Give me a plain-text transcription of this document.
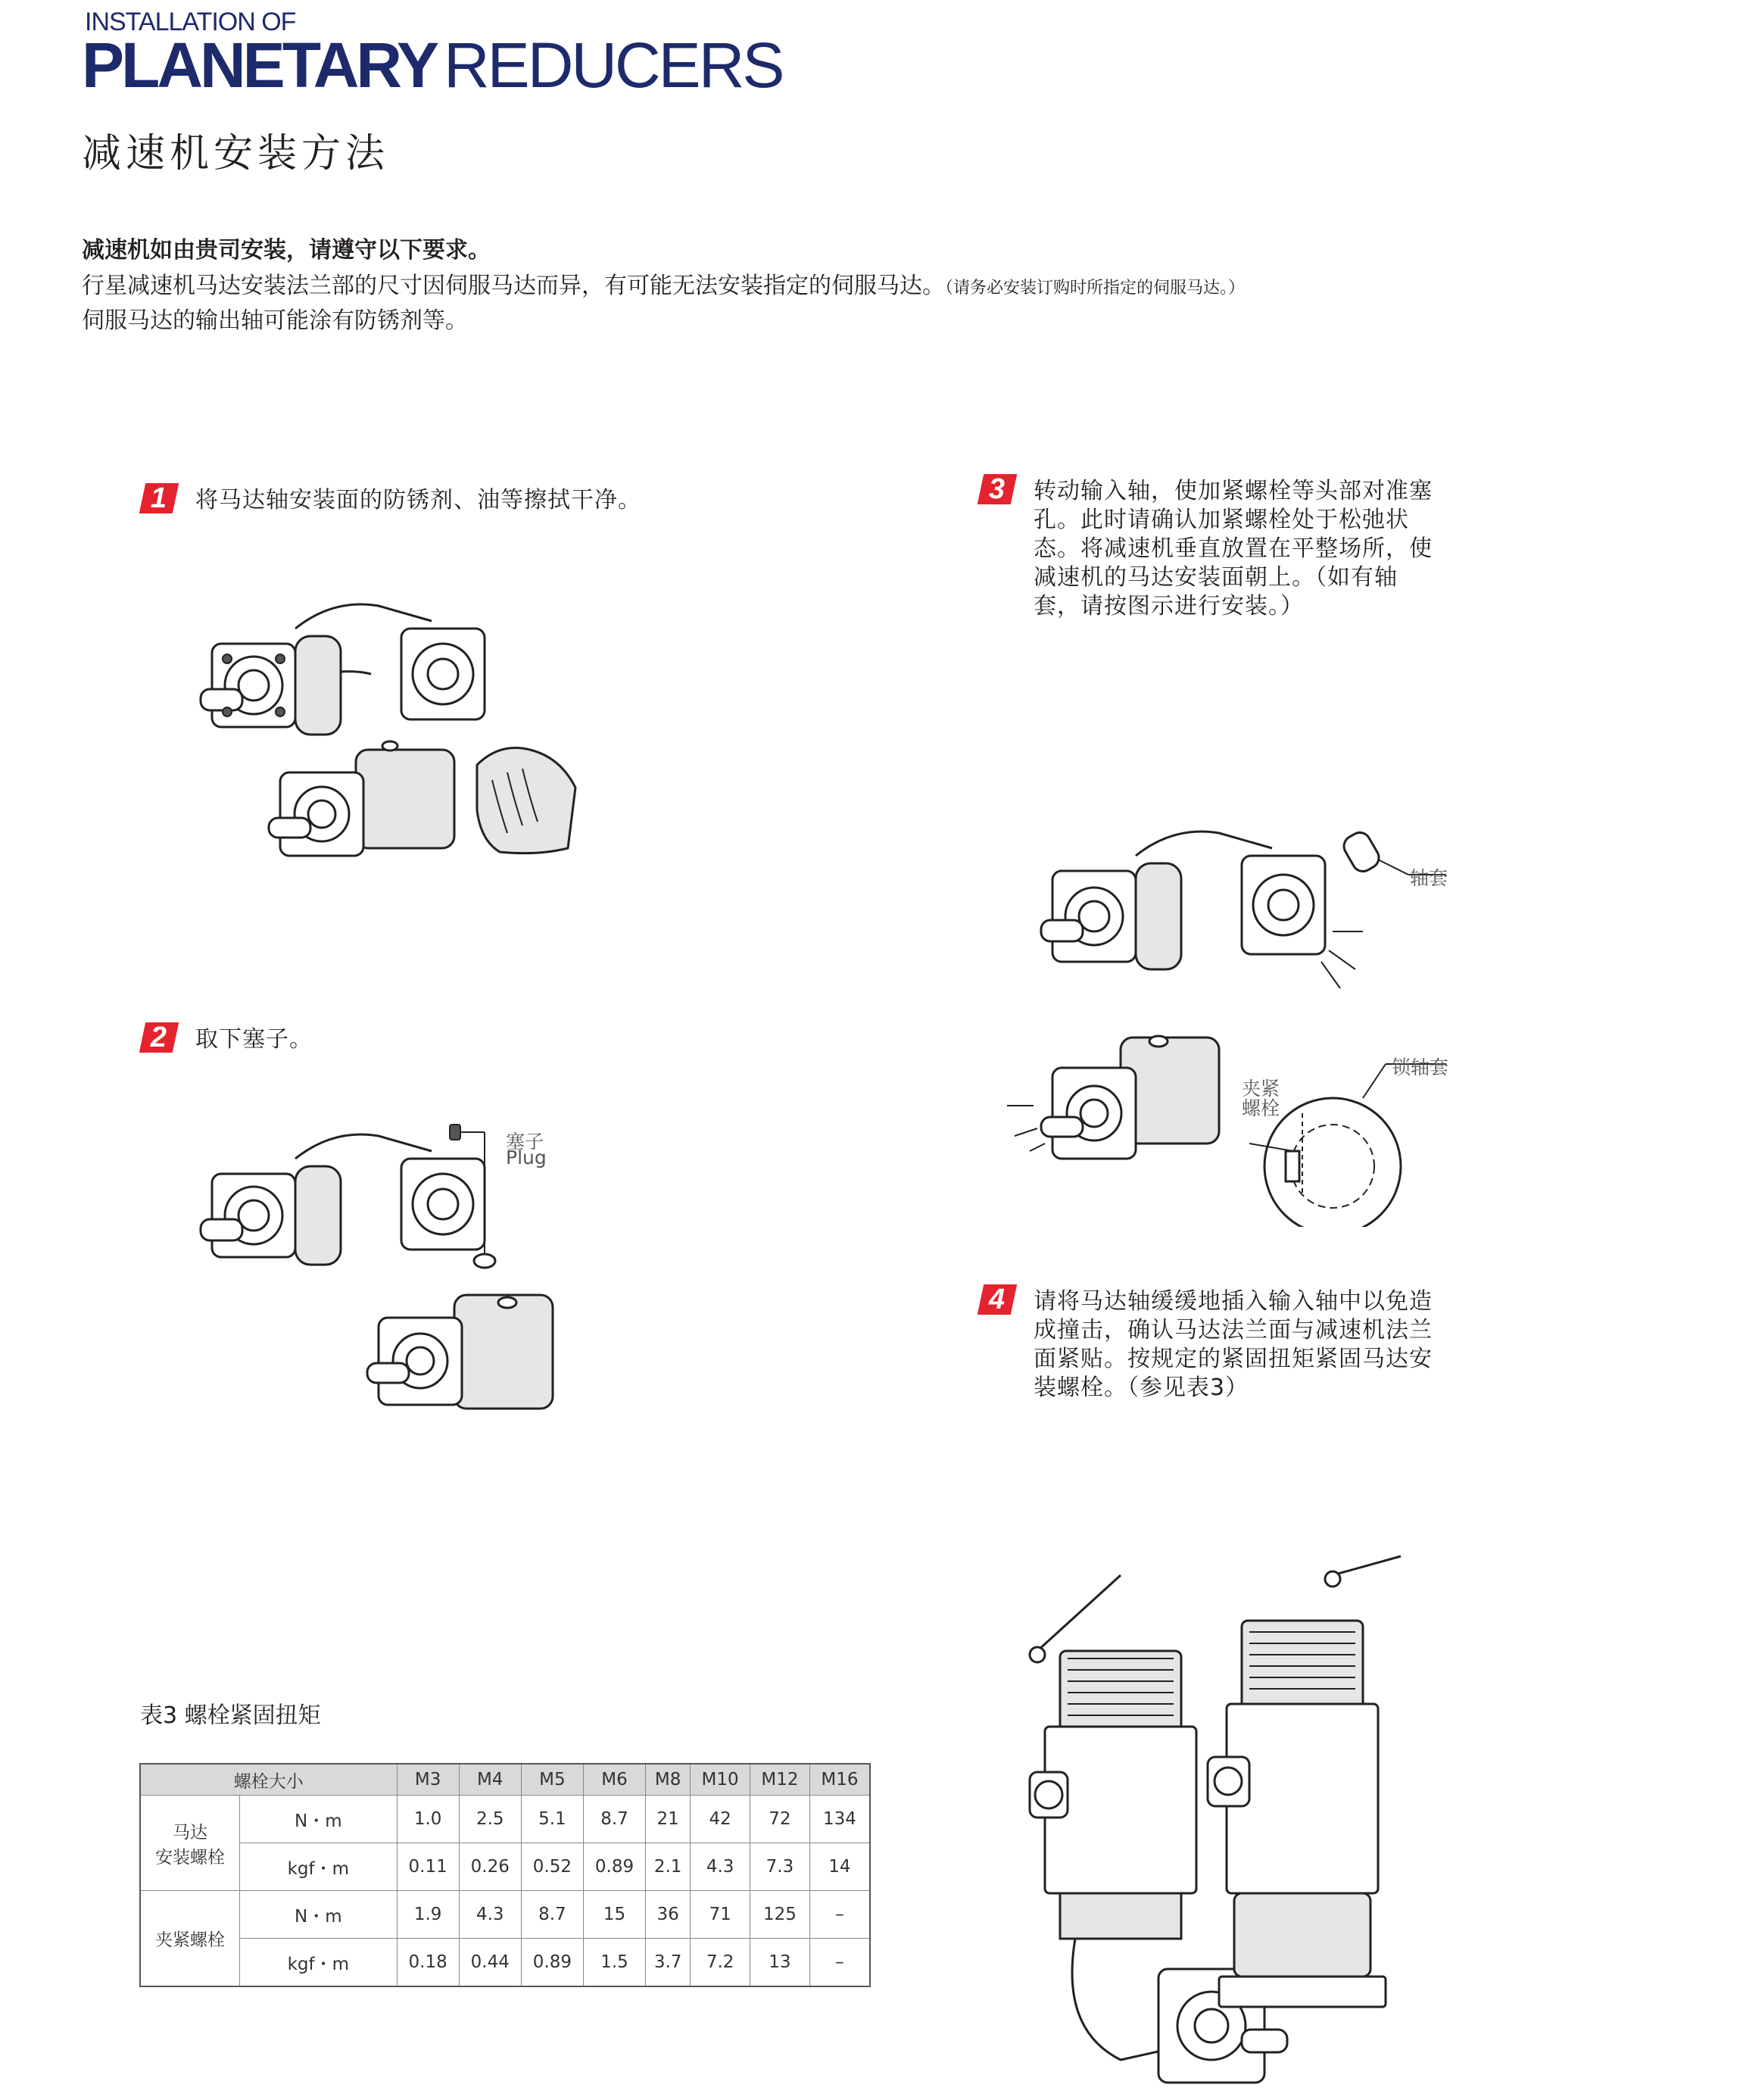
INSTALLATION OF
PLANETARY REDUCERS
减速机安装方法
减速机如由贵司安装，请遵守以下要求。
行星减速机马达安装法兰部的尺寸因伺服马达而异，有可能无法安装指定的伺服马达。（请务必安装订购时所指定的伺服马达。）
伺服马达的输出轴可能涂有防锈剂等。
1 将马达轴安装面的防锈剂、油等擦拭干净。
2 取下塞子。
塞子
Plug
3 转动输入轴，使加紧螺栓等头部对准塞
孔。此时请确认加紧螺栓处于松弛状
态。将减速机垂直放置在平整场所，使
减速机的马达安装面朝上。（如有轴
套，请按图示进行安装。）
轴套
锁轴套
夹紧
螺栓
4 请将马达轴缓缓地插入输入轴中以免造
成撞击，确认马达法兰面与减速机法兰
面紧贴。按规定的紧固扭矩紧固马达安
装螺栓。（参见表3）
表3 螺栓紧固扭矩
螺栓大小		M3	M4	M5	M6	M8	M10	M12	M16

马达
安装螺栓	N・m	1.0	2.5	5.1	8.7	21	42	72	134
	kgf・m	0.11	0.26	0.52	0.89	2.1	4.3	7.3	14

夹紧螺栓	N・m	1.9	4.3	8.7	15	36	71	125	–
	kgf・m	0.18	0.44	0.89	1.5	3.7	7.2	13	–
